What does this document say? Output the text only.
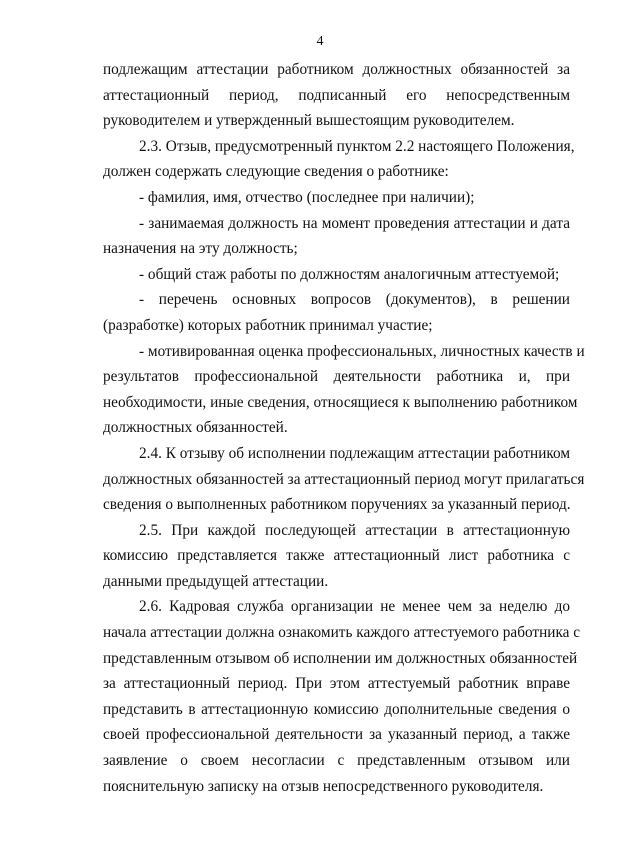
4
подлежащим аттестации работником должностных обязанностей за
аттестационный период, подписанный его непосредственным
руководителем и утвержденный вышестоящим руководителем.
2.3. Отзыв, предусмотренный пунктом 2.2 настоящего Положения,
должен содержать следующие сведения о работнике:
- фамилия, имя, отчество (последнее при наличии);
- занимаемая должность на момент проведения аттестации и дата
назначения на эту должность;
- общий стаж работы по должностям аналогичным аттестуемой;
- перечень основных вопросов (документов), в решении
(разработке) которых работник принимал участие;
- мотивированная оценка профессиональных, личностных качеств и
результатов профессиональной деятельности работника и, при
необходимости, иные сведения, относящиеся к выполнению работником
должностных обязанностей.
2.4. К отзыву об исполнении подлежащим аттестации работником
должностных обязанностей за аттестационный период могут прилагаться
сведения о выполненных работником поручениях за указанный период.
2.5. При каждой последующей аттестации в аттестационную
комиссию представляется также аттестационный лист работника с
данными предыдущей аттестации.
2.6. Кадровая служба организации не менее чем за неделю до
начала аттестации должна ознакомить каждого аттестуемого работника с
представленным отзывом об исполнении им должностных обязанностей
за аттестационный период. При этом аттестуемый работник вправе
представить в аттестационную комиссию дополнительные сведения о
своей профессиональной деятельности за указанный период, а также
заявление о своем несогласии с представленным отзывом или
пояснительную записку на отзыв непосредственного руководителя.
